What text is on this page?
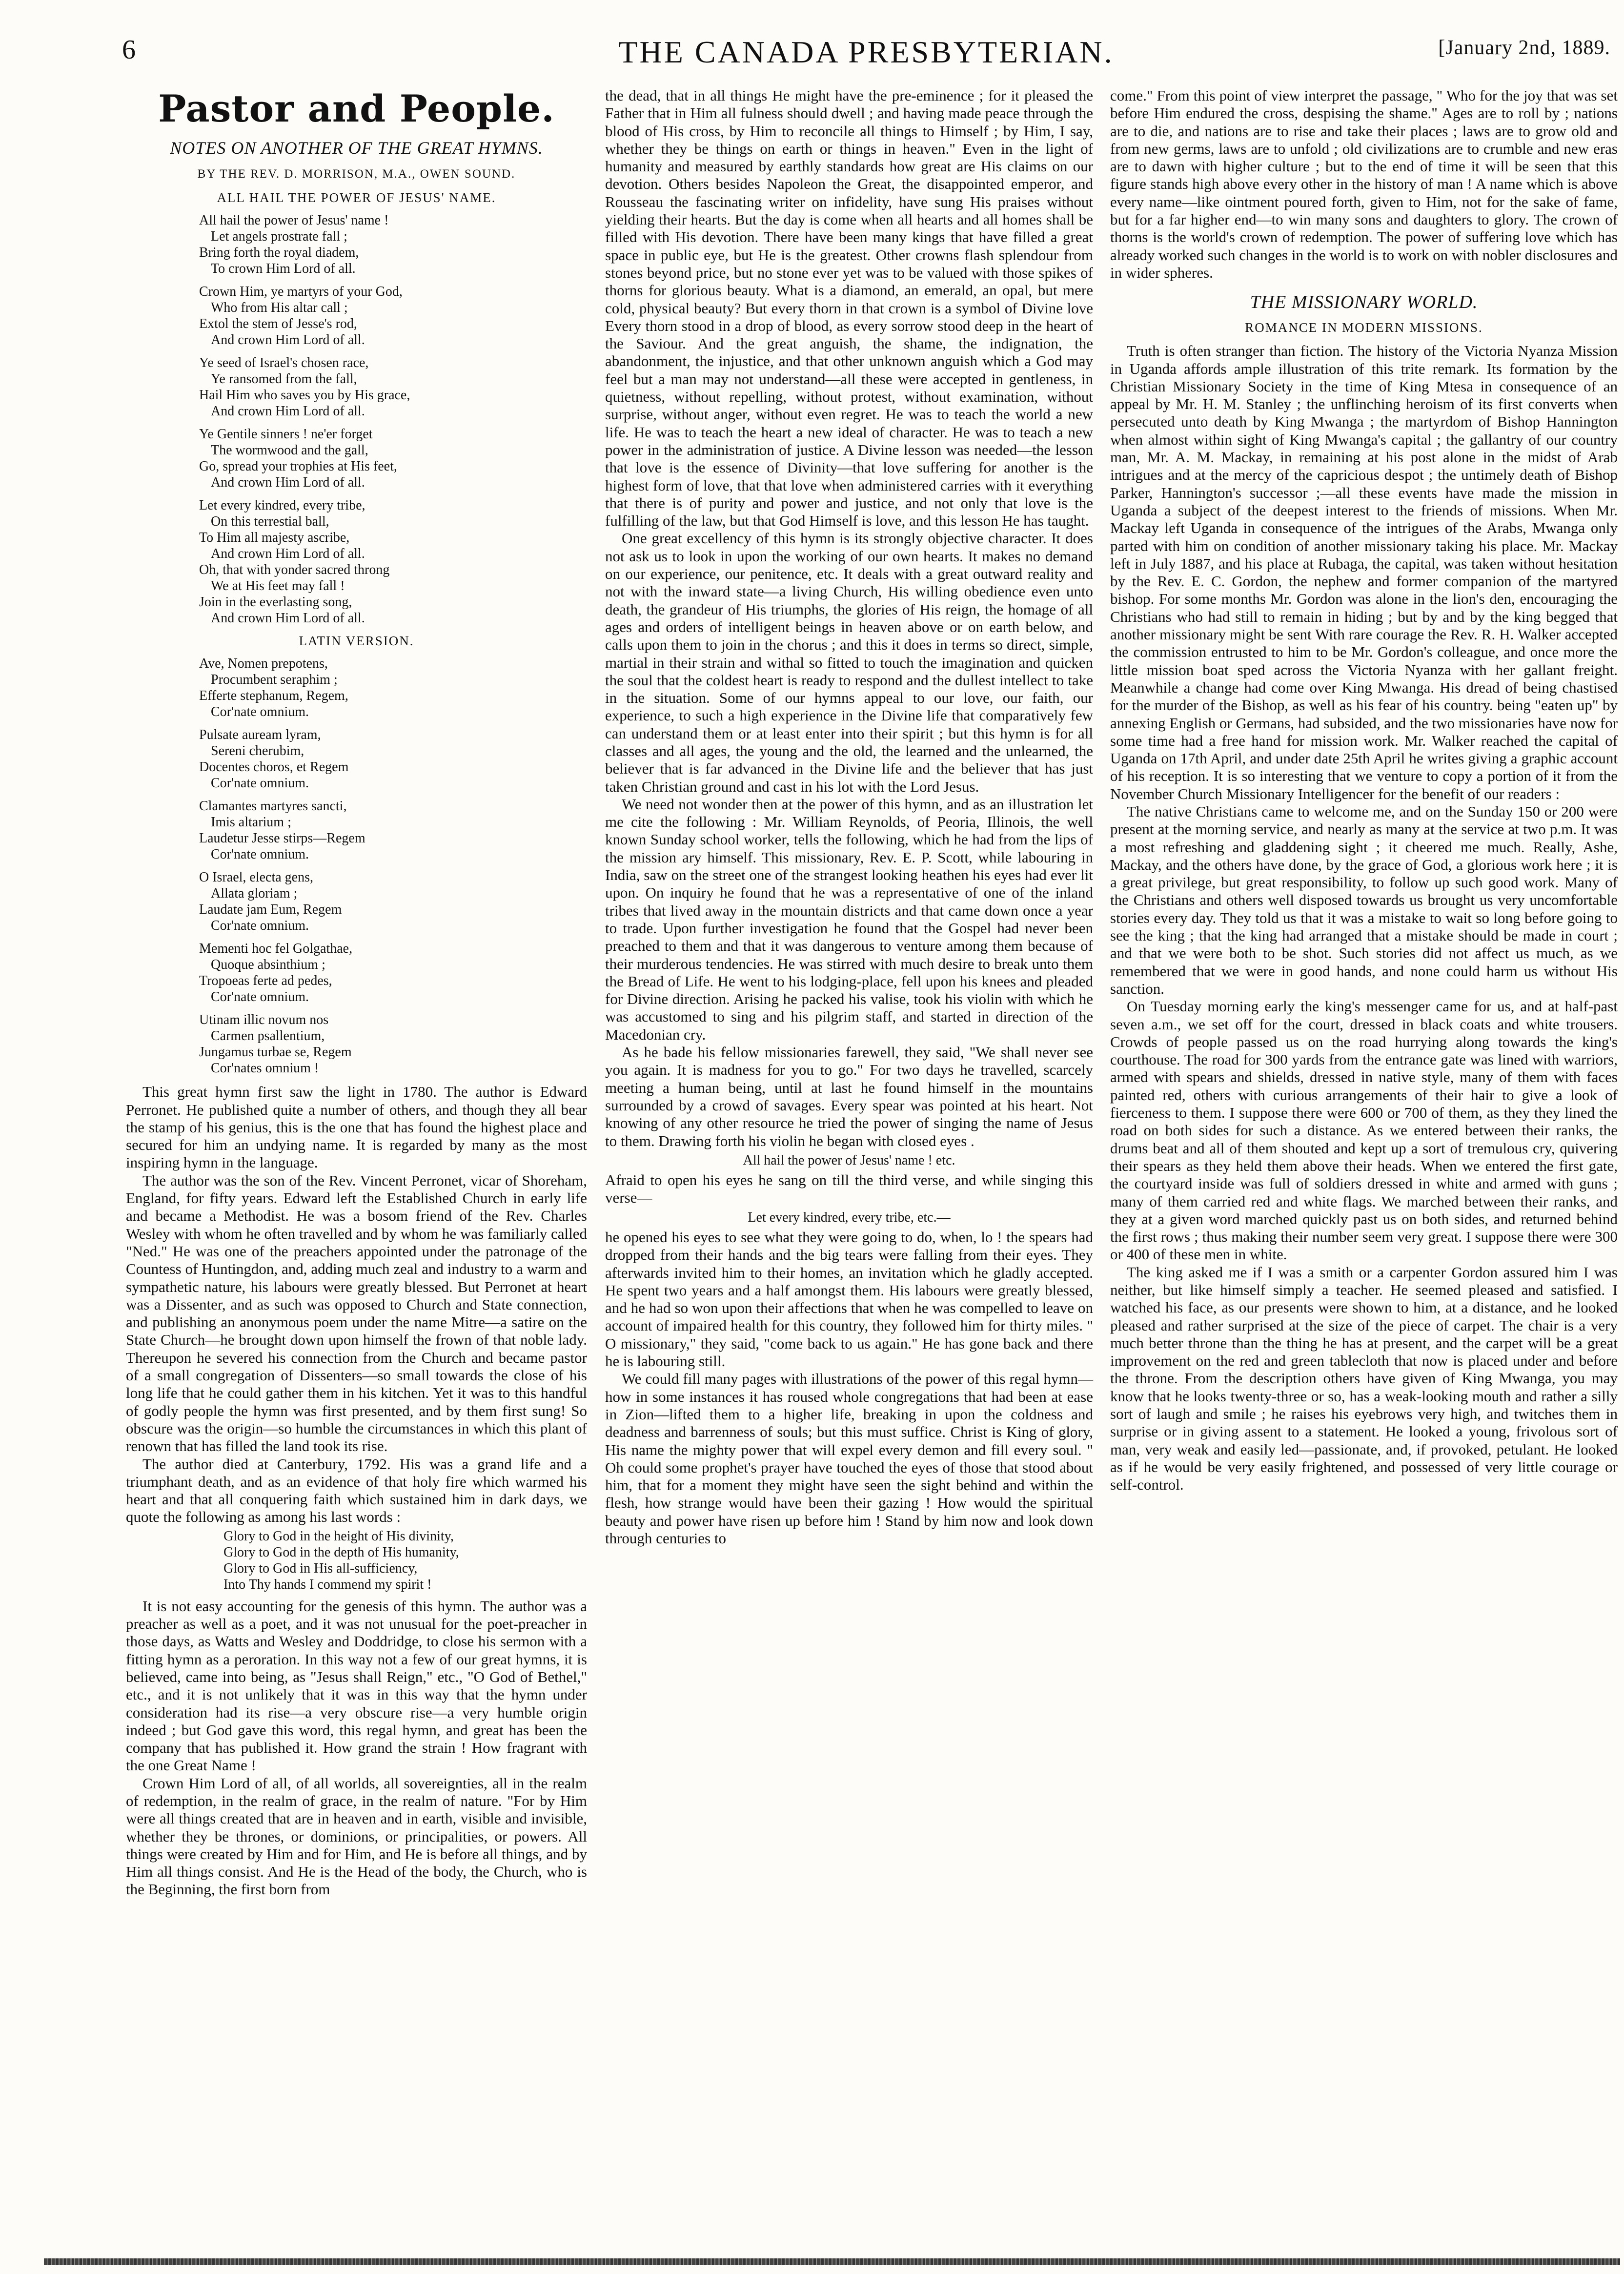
6	THE CANADA PRESBYTERIAN.	[January 2nd, 1889.
Pastor and People.
NOTES ON ANOTHER OF THE GREAT HYMNS.
BY THE REV. D. MORRISON, M.A., OWEN SOUND.
ALL HAIL THE POWER OF JESUS' NAME.
All hail the power of Jesus' name !
Let angels prostrate fall ;
Bring forth the royal diadem,
To crown Him Lord of all.
Crown Him, ye martyrs of your God,
Who from His altar call ;
Extol the stem of Jesse's rod,
And crown Him Lord of all.
Ye seed of Israel's chosen race,
Ye ransomed from the fall,
Hail Him who saves you by His grace,
And crown Him Lord of all.
Ye Gentile sinners ! ne'er forget
The wormwood and the gall,
Go, spread your trophies at His feet,
And crown Him Lord of all.
Let every kindred, every tribe,
On this terrestial ball,
To Him all majesty ascribe,
And crown Him Lord of all.
Oh, that with yonder sacred throng
We at His feet may fall !
Join in the everlasting song,
And crown Him Lord of all.
LATIN VERSION.
Ave, Nomen prepotens,
Procumbent seraphim ;
Efferte stephanum, Regem,
Cor'nate omnium.
Pulsate auream lyram,
Sereni cherubim,
Docentes choros, et Regem
Cor'nate omnium.
Clamantes martyres sancti,
Imis altarium ;
Laudetur Jesse stirps—Regem
Cor'nate omnium.
O Israel, electa gens,
Allata gloriam ;
Laudate jam Eum, Regem
Cor'nate omnium.
Mementi hoc fel Golgathae,
Quoque absinthium ;
Tropoeas ferte ad pedes,
Cor'nate omnium.
Utinam illic novum nos
Carmen psallentium,
Jungamus turbae se, Regem
Cor'nates omnium !

This great hymn first saw the light in 1780. The author is Edward Perronet. He published quite a number of others, and though they all bear the stamp of his genius, this is the one that has found the highest place and secured for him an undying name. It is regarded by many as the most inspiring hymn in the language.

The author was the son of the Rev. Vincent Perronet, vicar of Shoreham, England, for fifty years. Edward left the Established Church in early life and became a Methodist. He was a bosom friend of the Rev. Charles Wesley with whom he often travelled and by whom he was familiarly called "Ned." He was one of the preachers appointed under the patronage of the Countess of Huntingdon, and, adding much zeal and industry to a warm and sympathetic nature, his labours were greatly blessed. But Perronet at heart was a Dissenter, and as such was opposed to Church and State connection, and publishing an anonymous poem under the name Mitre—a satire on the State Church—he brought down upon himself the frown of that noble lady. Thereupon he severed his connection from the Church and became pastor of a small congregation of Dissenters—so small towards the close of his long life that he could gather them in his kitchen. Yet it was to this handful of godly people the hymn was first presented, and by them first sung! So obscure was the origin—so humble the circumstances in which this plant of renown that has filled the land took its rise.

The author died at Canterbury, 1792. His was a grand life and a triumphant death, and as an evidence of that holy fire which warmed his heart and that all conquering faith which sustained him in dark days, we quote the following as among his last words :

Glory to God in the height of His divinity,
Glory to God in the depth of His humanity,
Glory to God in His all-sufficiency,
Into Thy hands I commend my spirit !

It is not easy accounting for the genesis of this hymn. The author was a preacher as well as a poet, and it was not unusual for the poet-preacher in those days, as Watts and Wesley and Doddridge, to close his sermon with a fitting hymn as a peroration. In this way not a few of our great hymns, it is believed, came into being, as "Jesus shall Reign," etc., "O God of Bethel," etc., and it is not unlikely that it was in this way that the hymn under consideration had its rise—a very obscure rise—a very humble origin indeed ; but God gave this word, this regal hymn, and great has been the company that has published it. How grand the strain ! How fragrant with the one Great Name !

Crown Him Lord of all, of all worlds, all sovereignties, all in the realm of redemption, in the realm of grace, in the realm of nature. "For by Him were all things created that are in heaven and in earth, visible and invisible, whether they be thrones, or dominions, or principalities, or powers. All things were created by Him and for Him, and He is before all things, and by Him all things consist. And He is the Head of the body, the Church, who is the Beginning, the first born from

the dead, that in all things He might have the pre-eminence ; for it pleased the Father that in Him all fulness should dwell ; and having made peace through the blood of His cross, by Him to reconcile all things to Himself ; by Him, I say, whether they be things on earth or things in heaven." Even in the light of humanity and measured by earthly standards how great are His claims on our devotion. Others besides Napoleon the Great, the disappointed emperor, and Rousseau the fascinating writer on infidelity, have sung His praises without yielding their hearts. But the day is come when all hearts and all homes shall be filled with His devotion. There have been many kings that have filled a great space in public eye, but He is the greatest. Other crowns flash splendour from stones beyond price, but no stone ever yet was to be valued with those spikes of thorns for glorious beauty. What is a diamond, an emerald, an opal, but mere cold, physical beauty? But every thorn in that crown is a symbol of Divine love Every thorn stood in a drop of blood, as every sorrow stood deep in the heart of the Saviour. And the great anguish, the shame, the indignation, the abandonment, the injustice, and that other unknown anguish which a God may feel but a man may not understand—all these were accepted in gentleness, in quietness, without repelling, without protest, without examination, without surprise, without anger, without even regret. He was to teach the world a new life. He was to teach the heart a new ideal of character. He was to teach a new power in the administration of justice. A Divine lesson was needed—the lesson that love is the essence of Divinity—that love suffering for another is the highest form of love, that that love when administered carries with it everything that there is of purity and power and justice, and not only that love is the fulfilling of the law, but that God Himself is love, and this lesson He has taught.

One great excellency of this hymn is its strongly objective character. It does not ask us to look in upon the working of our own hearts. It makes no demand on our experience, our penitence, etc. It deals with a great outward reality and not with the inward state—a living Church, His willing obedience even unto death, the grandeur of His triumphs, the glories of His reign, the homage of all ages and orders of intelligent beings in heaven above or on earth below, and calls upon them to join in the chorus ; and this it does in terms so direct, simple, martial in their strain and withal so fitted to touch the imagination and quicken the soul that the coldest heart is ready to respond and the dullest intellect to take in the situation. Some of our hymns appeal to our love, our faith, our experience, to such a high experience in the Divine life that comparatively few can understand them or at least enter into their spirit ; but this hymn is for all classes and all ages, the young and the old, the learned and the unlearned, the believer that is far advanced in the Divine life and the believer that has just taken Christian ground and cast in his lot with the Lord Jesus.

We need not wonder then at the power of this hymn, and as an illustration let me cite the following : Mr. William Reynolds, of Peoria, Illinois, the well known Sunday school worker, tells the following, which he had from the lips of the mission ary himself. This missionary, Rev. E. P. Scott, while labouring in India, saw on the street one of the strangest looking heathen his eyes had ever lit upon. On inquiry he found that he was a representative of one of the inland tribes that lived away in the mountain districts and that came down once a year to trade. Upon further investigation he found that the Gospel had never been preached to them and that it was dangerous to venture among them because of their murderous tendencies. He was stirred with much desire to break unto them the Bread of Life. He went to his lodging-place, fell upon his knees and pleaded for Divine direction. Arising he packed his valise, took his violin with which he was accustomed to sing and his pilgrim staff, and started in direction of the Macedonian cry.

As he bade his fellow missionaries farewell, they said, "We shall never see you again. It is madness for you to go." For two days he travelled, scarcely meeting a human being, until at last he found himself in the mountains surrounded by a crowd of savages. Every spear was pointed at his heart. Not knowing of any other resource he tried the power of singing the name of Jesus to them. Drawing forth his violin he began with closed eyes .

All hail the power of Jesus' name ! etc.

Afraid to open his eyes he sang on till the third verse, and while singing this verse—

Let every kindred, every tribe, etc.—

he opened his eyes to see what they were going to do, when, lo ! the spears had dropped from their hands and the big tears were falling from their eyes. They afterwards invited him to their homes, an invitation which he gladly accepted. He spent two years and a half amongst them. His labours were greatly blessed, and he had so won upon their affections that when he was compelled to leave on account of impaired health for this country, they followed him for thirty miles. " O missionary," they said, "come back to us again." He has gone back and there he is labouring still.

We could fill many pages with illustrations of the power of this regal hymn—how in some instances it has roused whole congregations that had been at ease in Zion—lifted them to a higher life, breaking in upon the coldness and deadness and barrenness of souls; but this must suffice. Christ is King of glory, His name the mighty power that will expel every demon and fill every soul. " Oh could some prophet's prayer have touched the eyes of those that stood about him, that for a moment they might have seen the sight behind and within the flesh, how strange would have been their gazing ! How would the spiritual beauty and power have risen up before him ! Stand by him now and look down through centuries to

come." From this point of view interpret the passage, " Who for the joy that was set before Him endured the cross, despising the shame." Ages are to roll by ; nations are to die, and nations are to rise and take their places ; laws are to grow old and from new germs, laws are to unfold ; old civilizations are to crumble and new eras are to dawn with higher culture ; but to the end of time it will be seen that this figure stands high above every other in the history of man ! A name which is above every name—like ointment poured forth, given to Him, not for the sake of fame, but for a far higher end—to win many sons and daughters to glory. The crown of thorns is the world's crown of redemption. The power of suffering love which has already worked such changes in the world is to work on with nobler disclosures and in wider spheres.

THE MISSIONARY WORLD.
ROMANCE IN MODERN MISSIONS.

Truth is often stranger than fiction. The history of the Victoria Nyanza Mission in Uganda affords ample illustration of this trite remark. Its formation by the Christian Missionary Society in the time of King Mtesa in consequence of an appeal by Mr. H. M. Stanley ; the unflinching heroism of its first converts when persecuted unto death by King Mwanga ; the martyrdom of Bishop Hannington when almost within sight of King Mwanga's capital ; the gallantry of our country man, Mr. A. M. Mackay, in remaining at his post alone in the midst of Arab intrigues and at the mercy of the capricious despot ; the untimely death of Bishop Parker, Hannington's successor ;—all these events have made the mission in Uganda a subject of the deepest interest to the friends of missions. When Mr. Mackay left Uganda in consequence of the intrigues of the Arabs, Mwanga only parted with him on condition of another missionary taking his place. Mr. Mackay left in July 1887, and his place at Rubaga, the capital, was taken without hesitation by the Rev. E. C. Gordon, the nephew and former companion of the martyred bishop. For some months Mr. Gordon was alone in the lion's den, encouraging the Christians who had still to remain in hiding ; but by and by the king begged that another missionary might be sent With rare courage the Rev. R. H. Walker accepted the commission entrusted to him to be Mr. Gordon's colleague, and once more the little mission boat sped across the Victoria Nyanza with her gallant freight. Meanwhile a change had come over King Mwanga. His dread of being chastised for the murder of the Bishop, as well as his fear of his country. being "eaten up" by annexing English or Germans, had subsided, and the two missionaries have now for some time had a free hand for mission work. Mr. Walker reached the capital of Uganda on 17th April, and under date 25th April he writes giving a graphic account of his reception. It is so interesting that we venture to copy a portion of it from the November Church Missionary Intelligencer for the benefit of our readers :

The native Christians came to welcome me, and on the Sunday 150 or 200 were present at the morning service, and nearly as many at the service at two p.m. It was a most refreshing and gladdening sight ; it cheered me much. Really, Ashe, Mackay, and the others have done, by the grace of God, a glorious work here ; it is a great privilege, but great responsibility, to follow up such good work. Many of the Christians and others well disposed towards us brought us very uncomfortable stories every day. They told us that it was a mistake to wait so long before going to see the king ; that the king had arranged that a mistake should be made in court ; and that we were both to be shot. Such stories did not affect us much, as we remembered that we were in good hands, and none could harm us without His sanction.

On Tuesday morning early the king's messenger came for us, and at half-past seven a.m., we set off for the court, dressed in black coats and white trousers. Crowds of people passed us on the road hurrying along towards the king's courthouse. The road for 300 yards from the entrance gate was lined with warriors, armed with spears and shields, dressed in native style, many of them with faces painted red, others with curious arrangements of their hair to give a look of fierceness to them. I suppose there were 600 or 700 of them, as they they lined the road on both sides for such a distance. As we entered between their ranks, the drums beat and all of them shouted and kept up a sort of tremulous cry, quivering their spears as they held them above their heads. When we entered the first gate, the courtyard inside was full of soldiers dressed in white and armed with guns ; many of them carried red and white flags. We marched between their ranks, and they at a given word marched quickly past us on both sides, and returned behind the first rows ; thus making their number seem very great. I suppose there were 300 or 400 of these men in white.

The king asked me if I was a smith or a carpenter Gordon assured him I was neither, but like himself simply a teacher. He seemed pleased and satisfied. I watched his face, as our presents were shown to him, at a distance, and he looked pleased and rather surprised at the size of the piece of carpet. The chair is a very much better throne than the thing he has at present, and the carpet will be a great improvement on the red and green tablecloth that now is placed under and before the throne. From the description others have given of King Mwanga, you may know that he looks twenty-three or so, has a weak-looking mouth and rather a silly sort of laugh and smile ; he raises his eyebrows very high, and twitches them in surprise or in giving assent to a statement. He looked a young, frivolous sort of man, very weak and easily led—passionate, and, if provoked, petulant. He looked as if he would be very easily frightened, and possessed of very little courage or self-control.
